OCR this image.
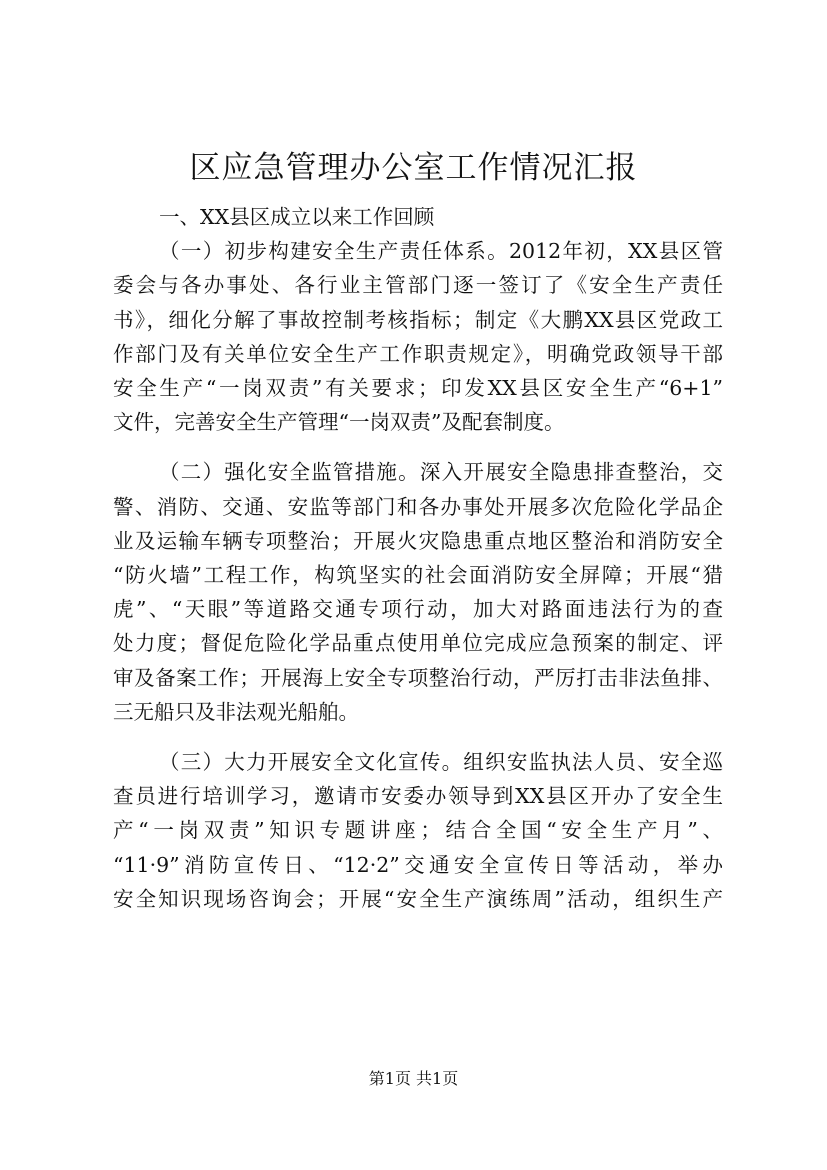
区应急管理办公室工作情况汇报
一、XX县区成立以来工作回顾
（一）初步构建安全生产责任体系。2012年初，XX县区管
委会与各办事处、各行业主管部门逐一签订了《安全生产责任
书》，细化分解了事故控制考核指标；制定《大鹏XX县区党政工
作部门及有关单位安全生产工作职责规定》，明确党政领导干部
安全生产“一岗双责”有关要求；印发XX县区安全生产“6+1”
文件，完善安全生产管理“一岗双责”及配套制度。
（二）强化安全监管措施。深入开展安全隐患排查整治，交
警、消防、交通、安监等部门和各办事处开展多次危险化学品企
业及运输车辆专项整治；开展火灾隐患重点地区整治和消防安全
“防火墙”工程工作，构筑坚实的社会面消防安全屏障；开展“猎
虎”、“天眼”等道路交通专项行动，加大对路面违法行为的查
处力度；督促危险化学品重点使用单位完成应急预案的制定、评
审及备案工作；开展海上安全专项整治行动，严厉打击非法鱼排、
三无船只及非法观光船舶。
（三）大力开展安全文化宣传。组织安监执法人员、安全巡
查员进行培训学习，邀请市安委办领导到XX县区开办了安全生
产“一岗双责”知识专题讲座；结合全国“安全生产月”、
“11·9”消防宣传日、“12·2”交通安全宣传日等活动，举办
安全知识现场咨询会；开展“安全生产演练周”活动，组织生产
第1页 共1页
